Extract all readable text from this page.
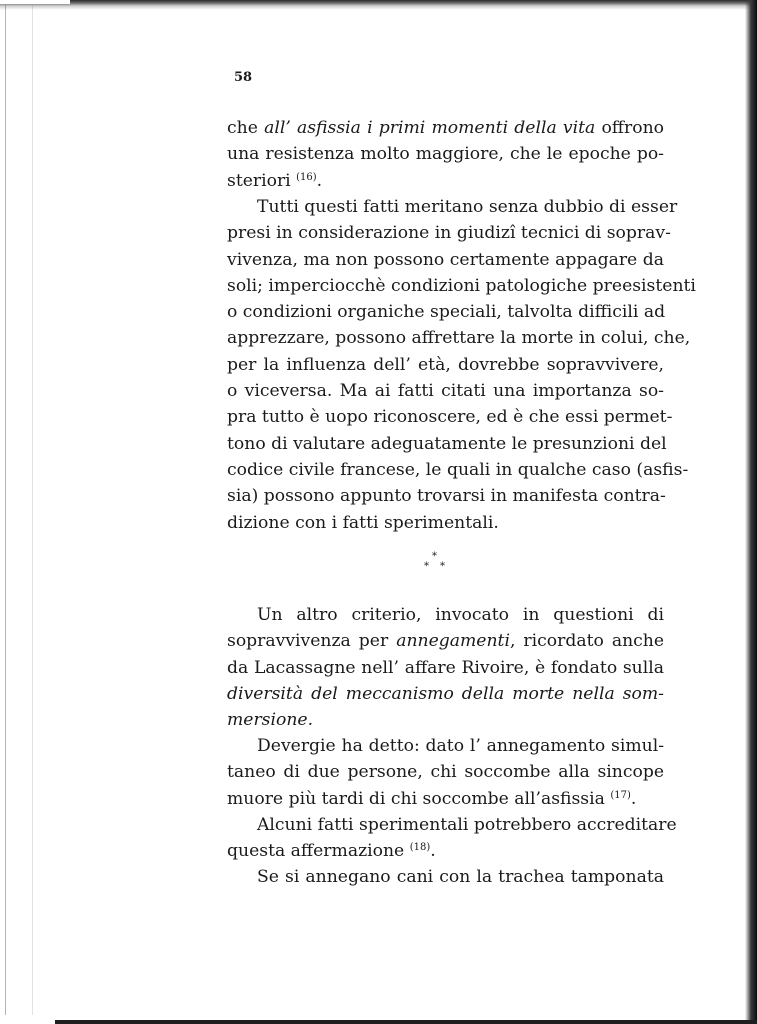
58
che all’ asfissia i primi momenti della vita offrono
una resistenza molto maggiore, che le epoche po-
steriori $^{(16)}$.
Tutti questi fatti meritano senza dubbio di esser
presi in considerazione in giudizî tecnici di soprav-
vivenza, ma non possono certamente appagare da
soli; imperciocchè condizioni patologiche preesistenti
o condizioni organiche speciali, talvolta difficili ad
apprezzare, possono affrettare la morte in colui, che,
per la influenza dell’ età, dovrebbe sopravvivere,
o viceversa. Ma ai fatti citati una importanza so-
pra tutto è uopo riconoscere, ed è che essi permet-
tono di valutare adeguatamente le presunzioni del
codice civile francese, le quali in qualche caso (asfis-
sia) possono appunto trovarsi in manifesta contra-
dizione con i fatti sperimentali.
Un altro criterio, invocato in questioni di
sopravvivenza per annegamenti, ricordato anche
da Lacassagne nell’ affare Rivoire, è fondato sulla
diversità del meccanismo della morte nella som-
mersione.
Devergie ha detto: dato l’ annegamento simul-
taneo di due persone, chi soccombe alla sincope
muore più tardi di chi soccombe all’asfissia $^{(17)}$.
Alcuni fatti sperimentali potrebbero accreditare
questa affermazione $^{(18)}$.
Se si annegano cani con la trachea tamponata
*
* *
